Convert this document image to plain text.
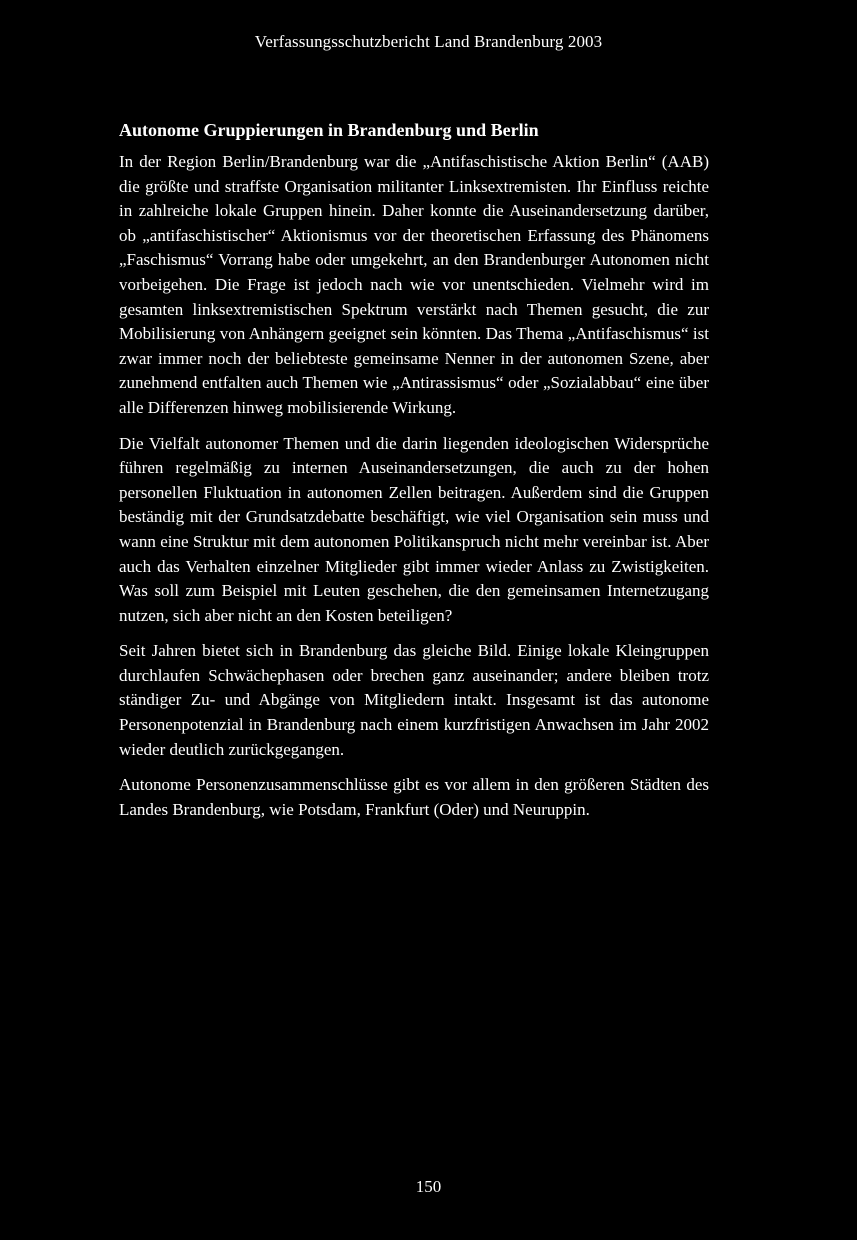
Verfassungsschutzbericht Land Brandenburg 2003
Autonome Gruppierungen in Brandenburg und Berlin

In der Region Berlin/Brandenburg war die „Antifaschistische Aktion Berlin“ (AAB) die größte und straffste Organisation militanter Linksextremisten. Ihr Einfluss reichte in zahlreiche lokale Gruppen hinein. Daher konnte die Auseinandersetzung darüber, ob „antifaschistischer“ Aktionismus vor der theoretischen Erfassung des Phänomens „Faschismus“ Vorrang habe oder umgekehrt, an den Brandenburger Autonomen nicht vorbeigehen. Die Frage ist jedoch nach wie vor unentschieden. Vielmehr wird im gesamten linksextremistischen Spektrum verstärkt nach Themen gesucht, die zur Mobilisierung von Anhängern geeignet sein könnten. Das Thema „Antifaschismus“ ist zwar immer noch der beliebteste gemeinsame Nenner in der autonomen Szene, aber zunehmend entfalten auch Themen wie „Antirassismus“ oder „Sozialabbau“ eine über alle Differenzen hinweg mobilisierende Wirkung.

Die Vielfalt autonomer Themen und die darin liegenden ideologischen Widersprüche führen regelmäßig zu internen Auseinandersetzungen, die auch zu der hohen personellen Fluktuation in autonomen Zellen beitragen. Außerdem sind die Gruppen beständig mit der Grundsatzdebatte beschäftigt, wie viel Organisation sein muss und wann eine Struktur mit dem autonomen Politikanspruch nicht mehr vereinbar ist. Aber auch das Verhalten einzelner Mitglieder gibt immer wieder Anlass zu Zwistigkeiten. Was soll zum Beispiel mit Leuten geschehen, die den gemeinsamen Internetzugang nutzen, sich aber nicht an den Kosten beteiligen?

Seit Jahren bietet sich in Brandenburg das gleiche Bild. Einige lokale Kleingruppen durchlaufen Schwächephasen oder brechen ganz auseinander; andere bleiben trotz ständiger Zu- und Abgänge von Mitgliedern intakt. Insgesamt ist das autonome Personenpotenzial in Brandenburg nach einem kurzfristigen Anwachsen im Jahr 2002 wieder deutlich zurückgegangen.

Autonome Personenzusammenschlüsse gibt es vor allem in den größeren Städten des Landes Brandenburg, wie Potsdam, Frankfurt (Oder) und Neuruppin.

150
